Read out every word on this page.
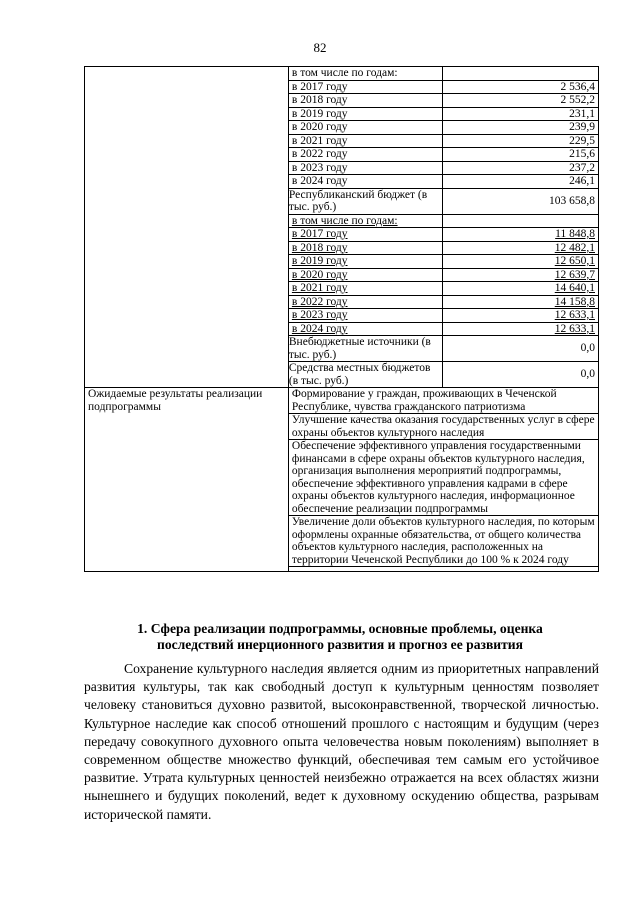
82
	в том числе по годам:	
	в 2017 году	2 536,4
	в 2018 году	2 552,2
	в 2019 году	231,1
	в 2020 году	239,9
	в 2021 году	229,5
	в 2022 году	215,6
	в 2023 году	237,2
	в 2024 году	246,1
	Республиканский бюджет (в тыс. руб.)	103 658,8
	в том числе по годам:	
	в 2017 году	11 848,8
	в 2018 году	12 482,1
	в 2019 году	12 650,1
	в 2020 году	12 639,7
	в 2021 году	14 640,1
	в 2022 году	14 158,8
	в 2023 году	12 633,1
	в 2024 году	12 633,1
	Внебюджетные источники (в тыс. руб.)	0,0
	Средства местных бюджетов (в тыс. руб.)	0,0
Ожидаемые результаты реализации подпрограммы	Формирование у граждан, проживающих в Чеченской Республике, чувства гражданского патриотизма	
	Улучшение качества оказания государственных услуг в сфере охраны объектов культурного наследия	
	Обеспечение эффективного управления государственными финансами в сфере охраны объектов культурного наследия, организация выполнения мероприятий подпрограммы, обеспечение эффективного управления кадрами в сфере охраны объектов культурного наследия, информационное обеспечение реализации подпрограммы	
	Увеличение доли объектов культурного наследия, по которым оформлены охранные обязательства, от общего количества объектов культурного наследия, расположенных на территории Чеченской Республики до 100 % к 2024 году	

1. Сфера реализации подпрограммы, основные проблемы, оценка последствий инерционного развития и прогноз ее развития

Сохранение культурного наследия является одним из приоритетных направлений развития культуры, так как свободный доступ к культурным ценностям позволяет человеку становиться духовно развитой, высоконравственной, творческой личностью. Культурное наследие как способ отношений прошлого с настоящим и будущим (через передачу совокупного духовного опыта человечества новым поколениям) выполняет в современном обществе множество функций, обеспечивая тем самым его устойчивое развитие. Утрата культурных ценностей неизбежно отражается на всех областях жизни нынешнего и будущих поколений, ведет к духовному оскудению общества, разрывам исторической памяти.
